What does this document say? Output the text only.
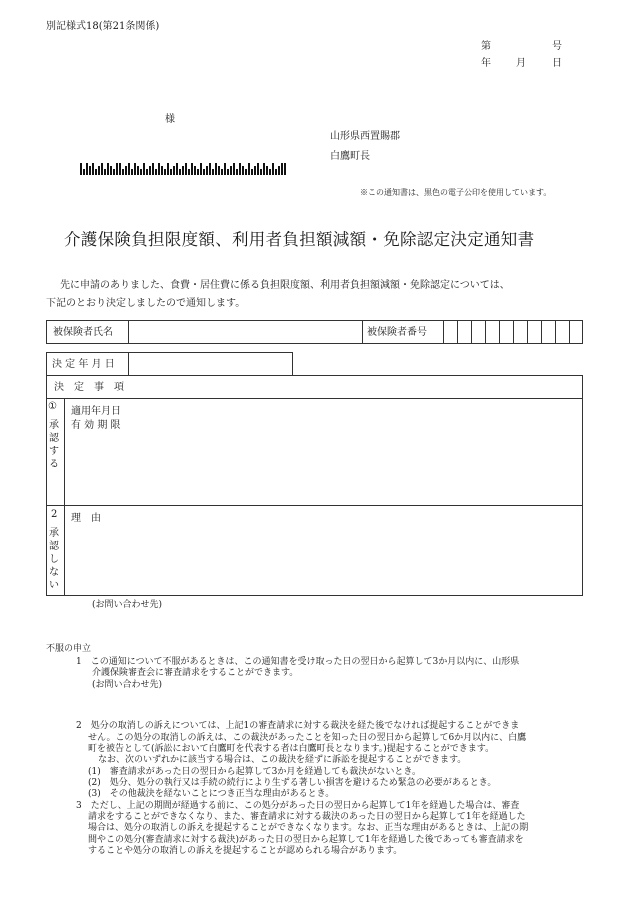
別記様式18(第21条関係)
第	号
年	月	日
様
山形県西置賜郡
白鷹町長
※この通知書は、黒色の電子公印を使用しています。
介護保険負担限度額、利用者負担額減額・免除認定決定通知書
先に申請のありました、食費・居住費に係る負担限度額、利用者負担額減額・免除認定については、
下記のとおり決定しましたので通知します。
被保険者氏名	被保険者番号
決 定 年 月 日
決　定　事　項
①
承
認
す
る
適用年月日
有 効 期 限
2
承
認
し
な
い
理　由
(お問い合わせ先)
不服の申立
1　この通知について不服があるときは、この通知書を受け取った日の翌日から起算して3か月以内に、山形県
介護保険審査会に審査請求をすることができます。
(お問い合わせ先)
2　処分の取消しの訴えについては、上記1の審査請求に対する裁決を経た後でなければ提起することができま
せん。この処分の取消しの訴えは、この裁決があったことを知った日の翌日から起算して6か月以内に、白鷹
町を被告として(訴訟において白鷹町を代表する者は白鷹町長となります。)提起することができます。
なお、次のいずれかに該当する場合は、この裁決を経ずに訴訟を提起することができます。
(1)　審査請求があった日の翌日から起算して3か月を経過しても裁決がないとき。
(2)　処分、処分の執行又は手続の続行により生ずる著しい損害を避けるため緊急の必要があるとき。
(3)　その他裁決を経ないことにつき正当な理由があるとき。
3　ただし、上記の期間が経過する前に、この処分があった日の翌日から起算して1年を経過した場合は、審査
請求をすることができなくなり、また、審査請求に対する裁決のあった日の翌日から起算して1年を経過した
場合は、処分の取消しの訴えを提起することができなくなります。なお、正当な理由があるときは、上記の期
間やこの処分(審査請求に対する裁決)があった日の翌日から起算して1年を経過した後であっても審査請求を
することや処分の取消しの訴えを提起することが認められる場合があります。
